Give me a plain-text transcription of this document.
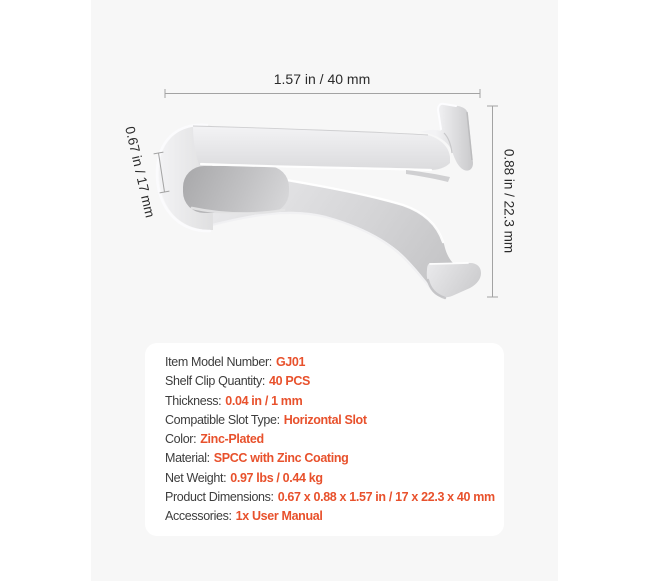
1.57 in / 40 mm
0.88 in / 22.3 mm
0.67 in / 17 mm
Item Model Number: GJ01
Shelf Clip Quantity: 40 PCS
Thickness: 0.04 in / 1 mm
Compatible Slot Type: Horizontal Slot
Color: Zinc-Plated
Material: SPCC with Zinc Coating
Net Weight: 0.97 lbs / 0.44 kg
Product Dimensions: 0.67 x 0.88 x 1.57 in / 17 x 22.3 x 40 mm
Accessories: 1x User Manual
